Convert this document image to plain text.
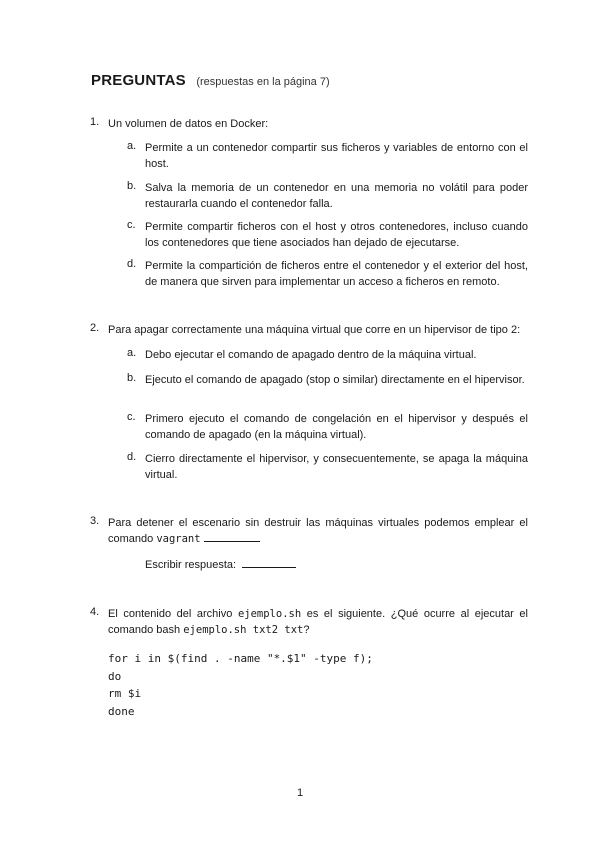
PREGUNTAS (respuestas en la página 7)
1. Un volumen de datos en Docker:
a. Permite a un contenedor compartir sus ficheros y variables de entorno con el host.
b. Salva la memoria de un contenedor en una memoria no volátil para poder restaurarla cuando el contenedor falla.
c. Permite compartir ficheros con el host y otros contenedores, incluso cuando los contenedores que tiene asociados han dejado de ejecutarse.
d. Permite la compartición de ficheros entre el contenedor y el exterior del host, de manera que sirven para implementar un acceso a ficheros en remoto.
2. Para apagar correctamente una máquina virtual que corre en un hipervisor de tipo 2:
a. Debo ejecutar el comando de apagado dentro de la máquina virtual.
b. Ejecuto el comando de apagado (stop o similar) directamente en el hipervisor.
c. Primero ejecuto el comando de congelación en el hipervisor y después el comando de apagado (en la máquina virtual).
d. Cierro directamente el hipervisor, y consecuentemente, se apaga la máquina virtual.
3. Para detener el escenario sin destruir las máquinas virtuales podemos emplear el comando vagrant
Escribir respuesta:
4. El contenido del archivo ejemplo.sh es el siguiente. ¿Qué ocurre al ejecutar el comando bash ejemplo.sh txt2 txt?
for i in $(find . -name "*.$1" -type f);
do
rm $i
done
1
